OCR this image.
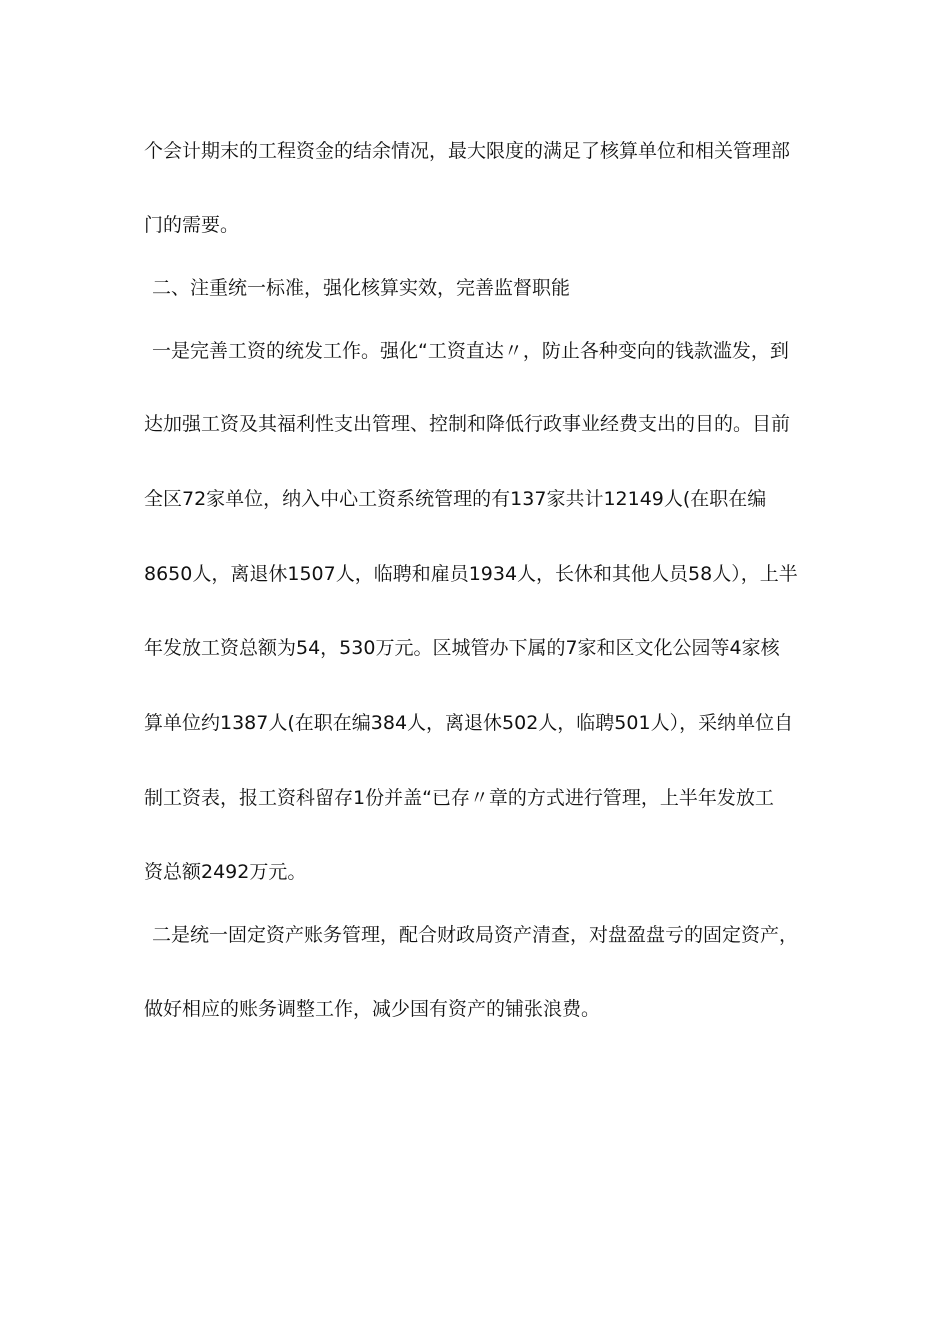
个会计期末的工程资金的结余情况，最大限度的满足了核算单位和相关管理部
门的需要。
二、注重统一标准，强化核算实效，完善监督职能
一是完善工资的统发工作。强化“工资直达〃，防止各种变向的钱款滥发，到
达加强工资及其福利性支出管理、控制和降低行政事业经费支出的目的。目前
全区72家单位，纳入中心工资系统管理的有137家共计12149人(在职在编
8650人，离退休1507人，临聘和雇员1934人，长休和其他人员58人），上半
年发放工资总额为54，530万元。区城管办下属的7家和区文化公园等4家核
算单位约1387人(在职在编384人，离退休502人，临聘501人），采纳单位自
制工资表，报工资科留存1份并盖“已存〃章的方式进行管理，上半年发放工
资总额2492万元。
二是统一固定资产账务管理，配合财政局资产清查，对盘盈盘亏的固定资产，
做好相应的账务调整工作，减少国有资产的铺张浪费。
